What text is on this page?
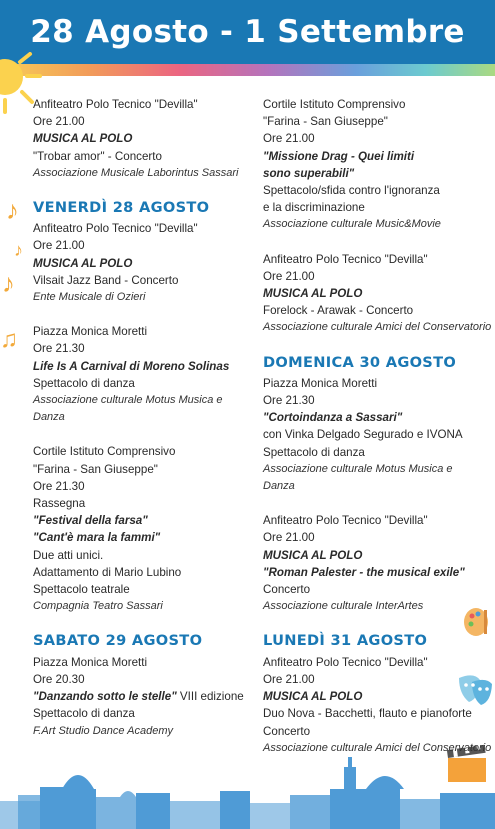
28 Agosto - 1 Settembre
♪
♪
♪
♫
Anfiteatro Polo Tecnico "Devilla"
Ore 21.00
MUSICA AL POLO
"Trobar amor" - Concerto
Associazione Musicale Laborintus Sassari
VENERDÌ 28 AGOSTO
Anfiteatro Polo Tecnico "Devilla"
Ore 21.00
MUSICA AL POLO
Vilsait Jazz Band - Concerto
Ente Musicale di Ozieri
Piazza Monica Moretti
Ore 21.30
Life Is A Carnival di Moreno Solinas
Spettacolo di danza
Associazione culturale Motus Musica e Danza
Cortile Istituto Comprensivo
"Farina - San Giuseppe"
Ore 21.30
Rassegna
"Festival della farsa"
"Cant'è mara la fammi"
Due atti unici.
Adattamento di Mario Lubino
Spettacolo teatrale
Compagnia Teatro Sassari
SABATO 29 AGOSTO
Piazza Monica Moretti
Ore 20.30
"Danzando sotto le stelle" VIII edizione
Spettacolo di danza
F.Art Studio Dance Academy
Cortile Istituto Comprensivo
"Farina - San Giuseppe"
Ore 21.00
"Missione Drag - Quei limiti
sono superabili"
Spettacolo/sfida contro l'ignoranza
e la discriminazione
Associazione culturale Music&Movie
Anfiteatro Polo Tecnico "Devilla"
Ore 21.00
MUSICA AL POLO
Forelock - Arawak - Concerto
Associazione culturale Amici del Conservatorio
DOMENICA 30 AGOSTO
Piazza Monica Moretti
Ore 21.30
"Cortoindanza a Sassari"
con Vinka Delgado Segurado e IVONA
Spettacolo di danza
Associazione culturale Motus Musica e Danza
Anfiteatro Polo Tecnico "Devilla"
Ore 21.00
MUSICA AL POLO
"Roman Palester - the musical exile"
Concerto
Associazione culturale InterArtes
LUNEDÌ 31 AGOSTO
Anfiteatro Polo Tecnico "Devilla"
Ore 21.00
MUSICA AL POLO
Duo Nova - Bacchetti, flauto e pianoforte
Concerto
Associazione culturale Amici del Conservatorio
